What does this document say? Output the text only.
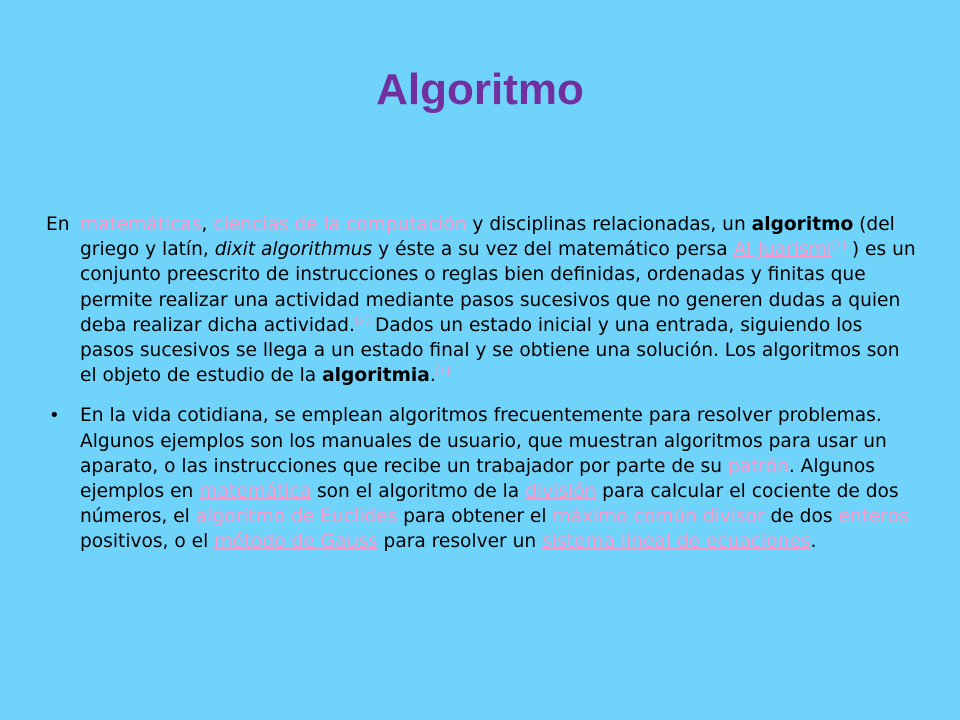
Algoritmo

En matemáticas, ciencias de la computación y disciplinas relacionadas, un algoritmo (del griego y latín, dixit algorithmus y éste a su vez del matemático persa Al Juarismi[1] ) es un conjunto preescrito de instrucciones o reglas bien definidas, ordenadas y finitas que permite realizar una actividad mediante pasos sucesivos que no generen dudas a quien deba realizar dicha actividad.[2] Dados un estado inicial y una entrada, siguiendo los pasos sucesivos se llega a un estado final y se obtiene una solución. Los algoritmos son el objeto de estudio de la algoritmia.[1]

• En la vida cotidiana, se emplean algoritmos frecuentemente para resolver problemas. Algunos ejemplos son los manuales de usuario, que muestran algoritmos para usar un aparato, o las instrucciones que recibe un trabajador por parte de su patrón. Algunos ejemplos en matemática son el algoritmo de la división para calcular el cociente de dos números, el algoritmo de Euclides para obtener el máximo común divisor de dos enteros positivos, o el método de Gauss para resolver un sistema lineal de ecuaciones.
